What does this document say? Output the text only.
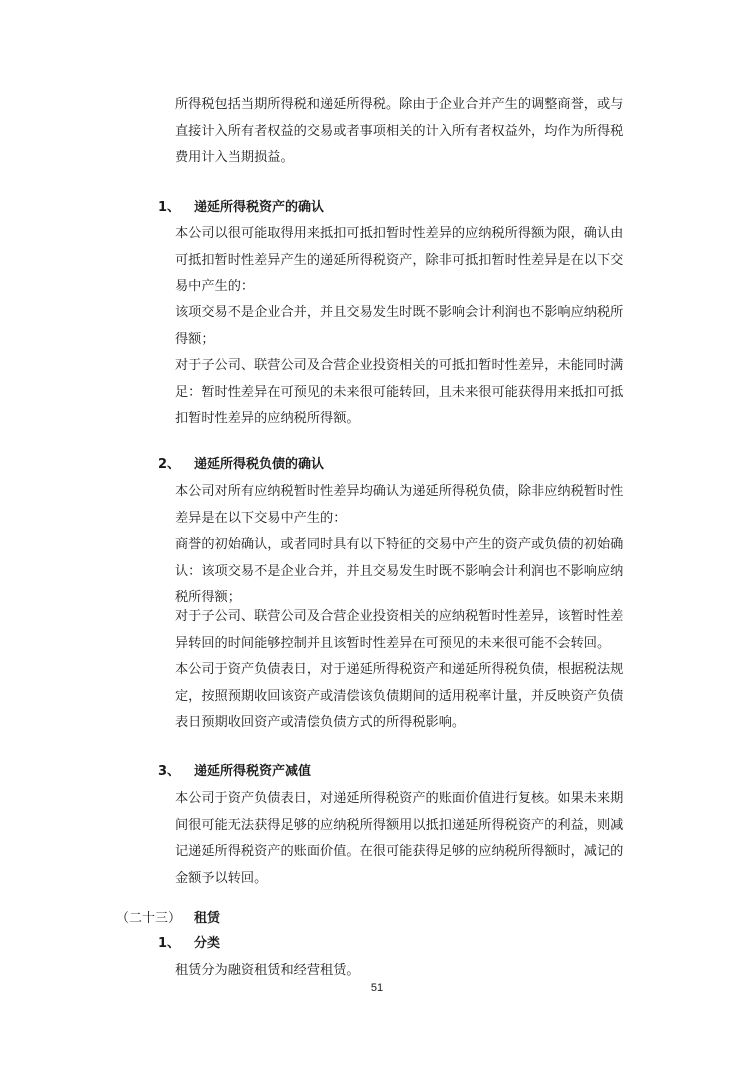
所得税包括当期所得税和递延所得税。除由于企业合并产生的调整商誉，或与
直接计入所有者权益的交易或者事项相关的计入所有者权益外，均作为所得税
费用计入当期损益。
1、 递延所得税资产的确认
本公司以很可能取得用来抵扣可抵扣暂时性差异的应纳税所得额为限，确认由
可抵扣暂时性差异产生的递延所得税资产，除非可抵扣暂时性差异是在以下交
易中产生的：
该项交易不是企业合并，并且交易发生时既不影响会计利润也不影响应纳税所
得额；
对于子公司、联营公司及合营企业投资相关的可抵扣暂时性差异，未能同时满
足：暂时性差异在可预见的未来很可能转回，且未来很可能获得用来抵扣可抵
扣暂时性差异的应纳税所得额。
2、 递延所得税负债的确认
本公司对所有应纳税暂时性差异均确认为递延所得税负债，除非应纳税暂时性
差异是在以下交易中产生的：
商誉的初始确认，或者同时具有以下特征的交易中产生的资产或负债的初始确
认：该项交易不是企业合并，并且交易发生时既不影响会计利润也不影响应纳
税所得额；
对于子公司、联营公司及合营企业投资相关的应纳税暂时性差异，该暂时性差
异转回的时间能够控制并且该暂时性差异在可预见的未来很可能不会转回。
本公司于资产负债表日，对于递延所得税资产和递延所得税负债，根据税法规
定，按照预期收回该资产或清偿该负债期间的适用税率计量，并反映资产负债
表日预期收回资产或清偿负债方式的所得税影响。
3、 递延所得税资产减值
本公司于资产负债表日，对递延所得税资产的账面价值进行复核。如果未来期
间很可能无法获得足够的应纳税所得额用以抵扣递延所得税资产的利益，则减
记递延所得税资产的账面价值。在很可能获得足够的应纳税所得额时，减记的
金额予以转回。
（二十三） 租赁
1、 分类
租赁分为融资租赁和经营租赁。
51
